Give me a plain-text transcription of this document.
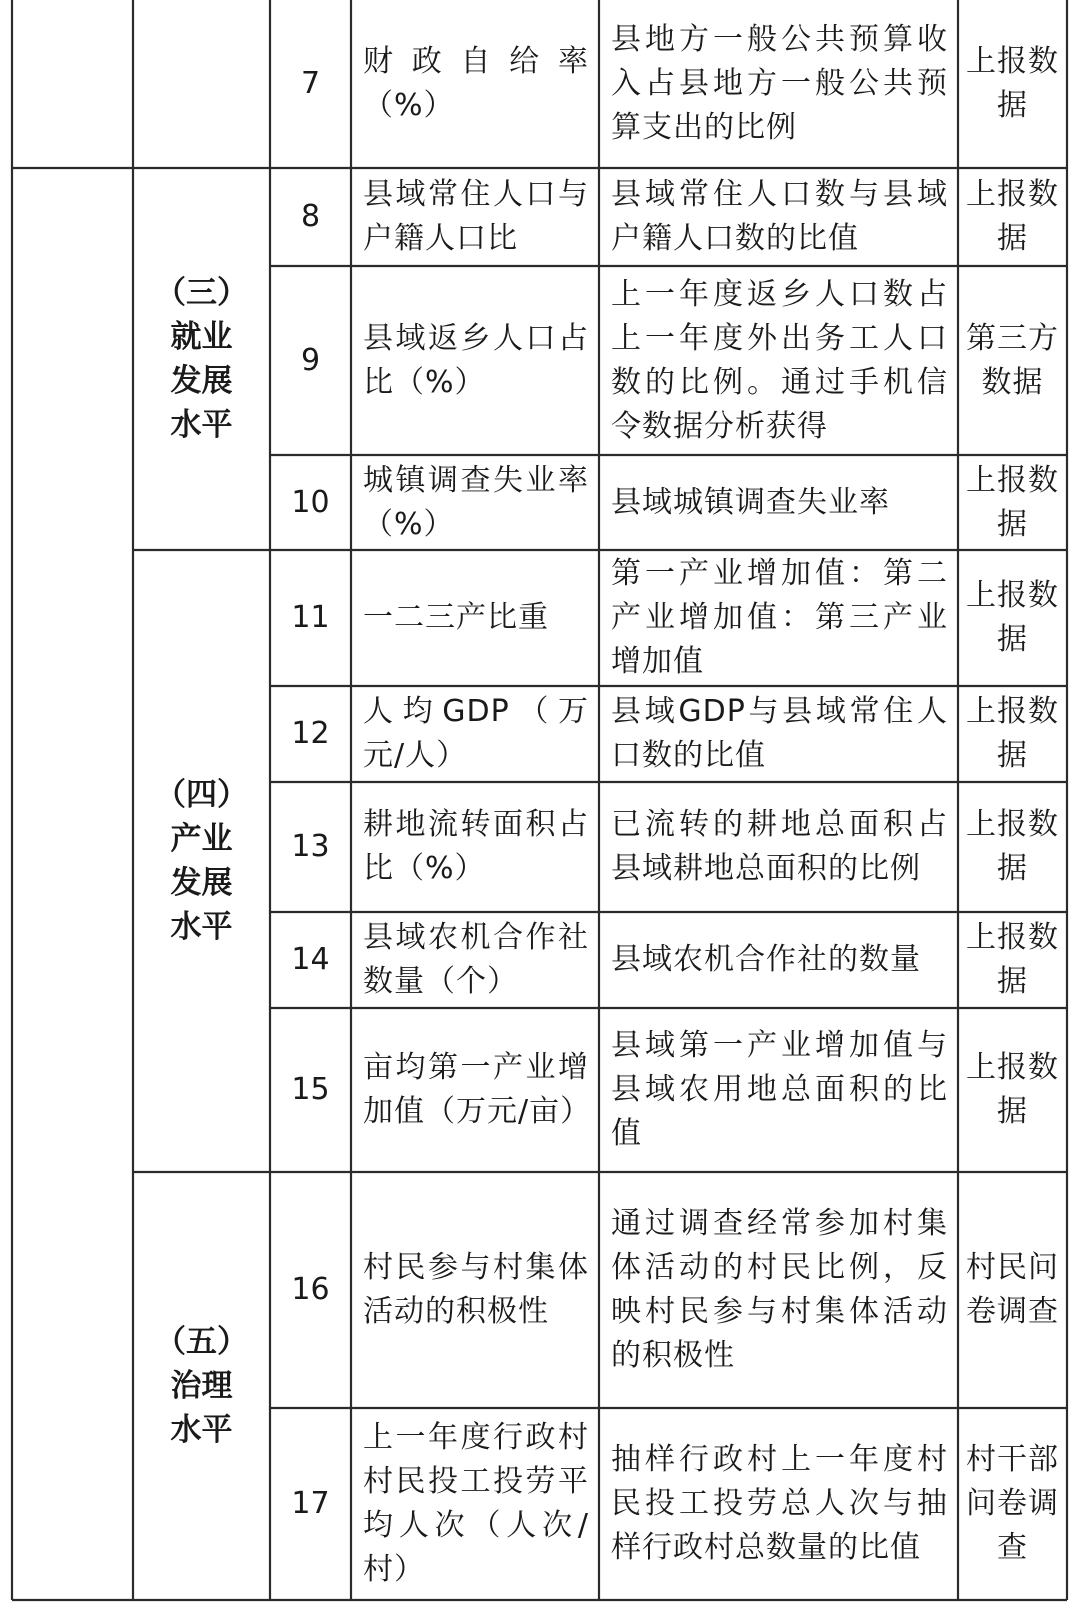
（三）
就业
发展
水平
（四）
产业
发展
水平
（五）
治理
水平
7
财政自给率（%）
县地方一般公共预算收入占县地方一般公共预算支出的比例
上报数据
8
县域常住人口与户籍人口比
县域常住人口数与县域户籍人口数的比值
上报数据
9
县域返乡人口占比（%）
上一年度返乡人口数占上一年度外出务工人口数的比例。通过手机信令数据分析获得
第三方数据
10
城镇调查失业率（%）
县域城镇调查失业率
上报数据
11	一二三产比重
第一产业增加值：第二产业增加值：第三产业增加值
上报数据
12
人均GDP（万元/人）
县域GDP与县域常住人口数的比值
上报数据
13
耕地流转面积占比（%）
已流转的耕地总面积占县域耕地总面积的比例
上报数据
14
县域农机合作社数量（个）
县域农机合作社的数量
上报数据
15
亩均第一产业增加值（万元/亩）
县域第一产业增加值与县域农用地总面积的比值
上报数据
16
村民参与村集体活动的积极性
通过调查经常参加村集体活动的村民比例，反映村民参与村集体活动的积极性
村民问卷调查
17
上一年度行政村村民投工投劳平均人次（人次/村）
抽样行政村上一年度村民投工投劳总人次与抽样行政村总数量的比值
村干部问卷调查
